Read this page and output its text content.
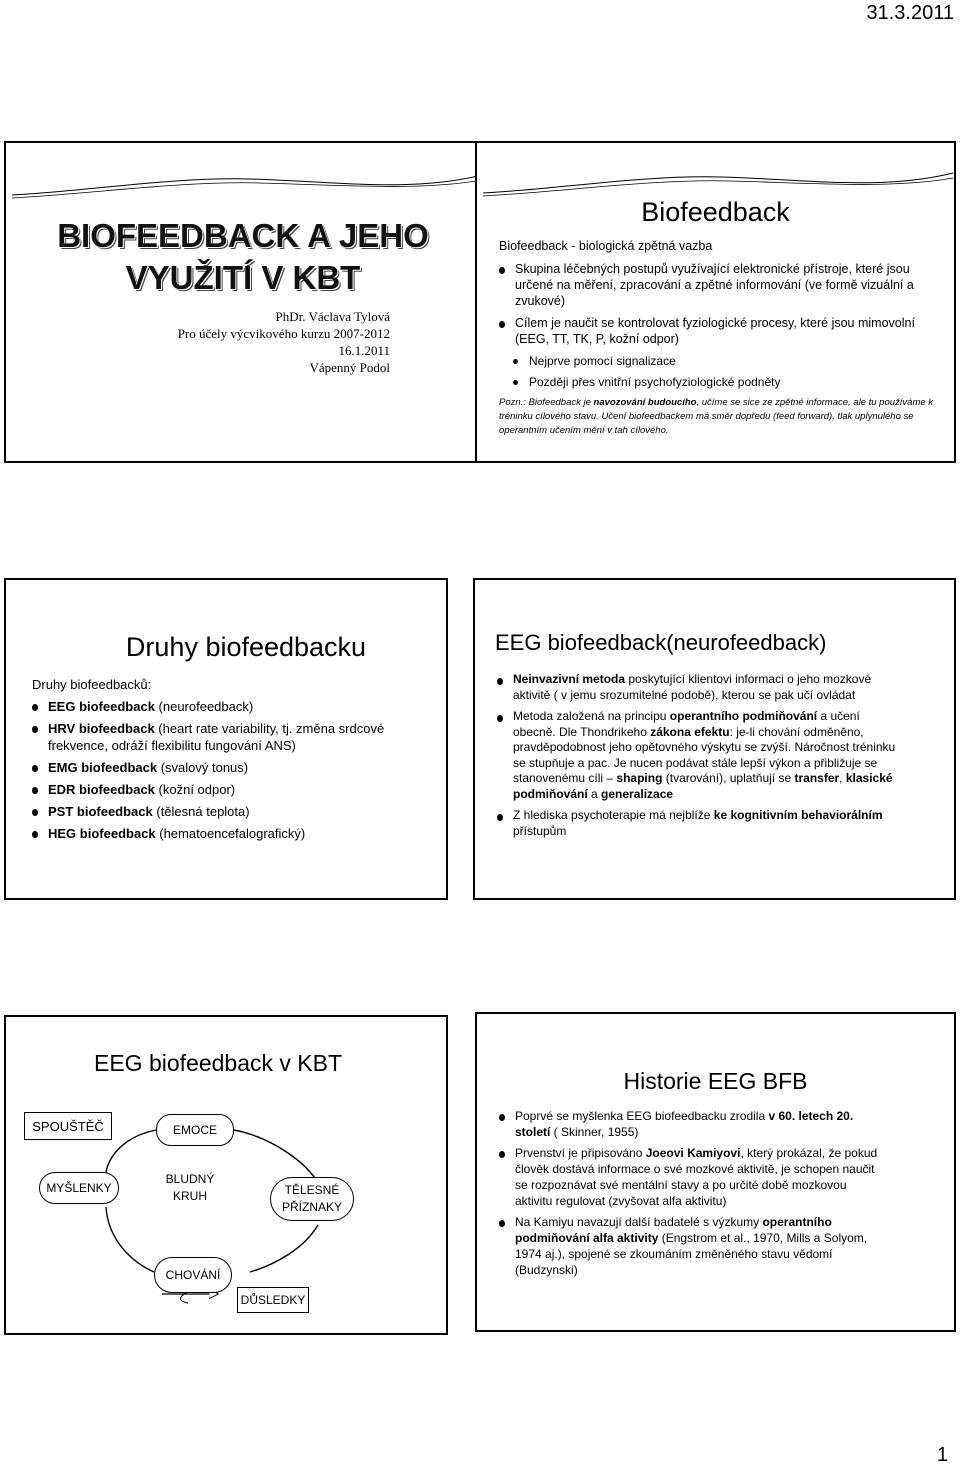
31.3.2011
BIOFEEDBACK A JEHO
VYUŽITÍ V KBT
PhDr. Václava Tylová
Pro účely výcvikového kurzu 2007-2012
16.1.2011
Vápenný Podol
Biofeedback
Biofeedback - biologická zpětná vazba
Skupina léčebných postupů využívající elektronické přístroje, které jsou určené na měření, zpracování a zpětné informování (ve formě vizuální a zvukové)
Cílem je naučit se kontrolovat fyziologické procesy, které jsou mimovolní (EEG, TT, TK, P, kožní odpor)
Nejprve pomocí signalizace
Později přes vnitřní psychofyziologické podněty
Pozn.: Biofeedback je navozování budoucího, učíme se sice ze zpětné informace, ale tu používáme k tréninku cílového stavu. Učení biofeedbackem má směr dopředu (feed forward), tlak uplynulého se operantním učením mění v tah cílového.
Druhy biofeedbacku
Druhy biofeedbacků:
EEG biofeedback (neurofeedback)
HRV biofeedback (heart rate variability, tj. změna srdcové frekvence, odráží flexibilitu fungování ANS)
EMG biofeedback (svalový tonus)
EDR biofeedback (kožní odpor)
PST biofeedback (tělesná teplota)
HEG biofeedback (hematoencefalografický)
EEG biofeedback(neurofeedback)
Neinvazivní metoda poskytující klientovi informaci o jeho mozkové aktivitě ( v jemu srozumitelné podobě), kterou se pak učí ovládat
Metoda založená na principu operantního podmiňování a učení obecně. Dle Thondrikeho zákona efektu: je-li chování odměněno, pravděpodobnost jeho opětovného výskytu se zvýší. Náročnost tréninku se stupňuje a pac. Je nucen podávat stále lepší výkon a přibližuje se stanovenému cíli – shaping (tvarování), uplatňují se transfer, klasické podmiňování a generalizace
Z hlediska psychoterapie má nejblíže ke kognitivním behaviorálním přístupům
EEG biofeedback v KBT
SPOUŠTĚČ	EMOCE
MYŠLENKY
BLUDNÝ
KRUH	TĚLESNÉ
PŘÍZNAKY
CHOVÁNÍ
DŮSLEDKY
Historie EEG BFB
Poprvé se myšlenka EEG biofeedbacku zrodila v 60. letech 20. století ( Skinner, 1955)
Prvenství je připisováno Joeovi Kamiyovi, který prokázal, že pokud člověk dostává informace o své mozkové aktivitě, je schopen naučit se rozpoznávat své mentální stavy a po určité době mozkovou aktivitu regulovat (zvyšovat alfa aktivitu)
Na Kamiyu navazují další badatelé s výzkumy operantního podmiňování alfa aktivity (Engstrom et al., 1970, Mills a Solyom, 1974 aj.), spojené se zkoumáním změněného stavu vědomí (Budzynski)
1
